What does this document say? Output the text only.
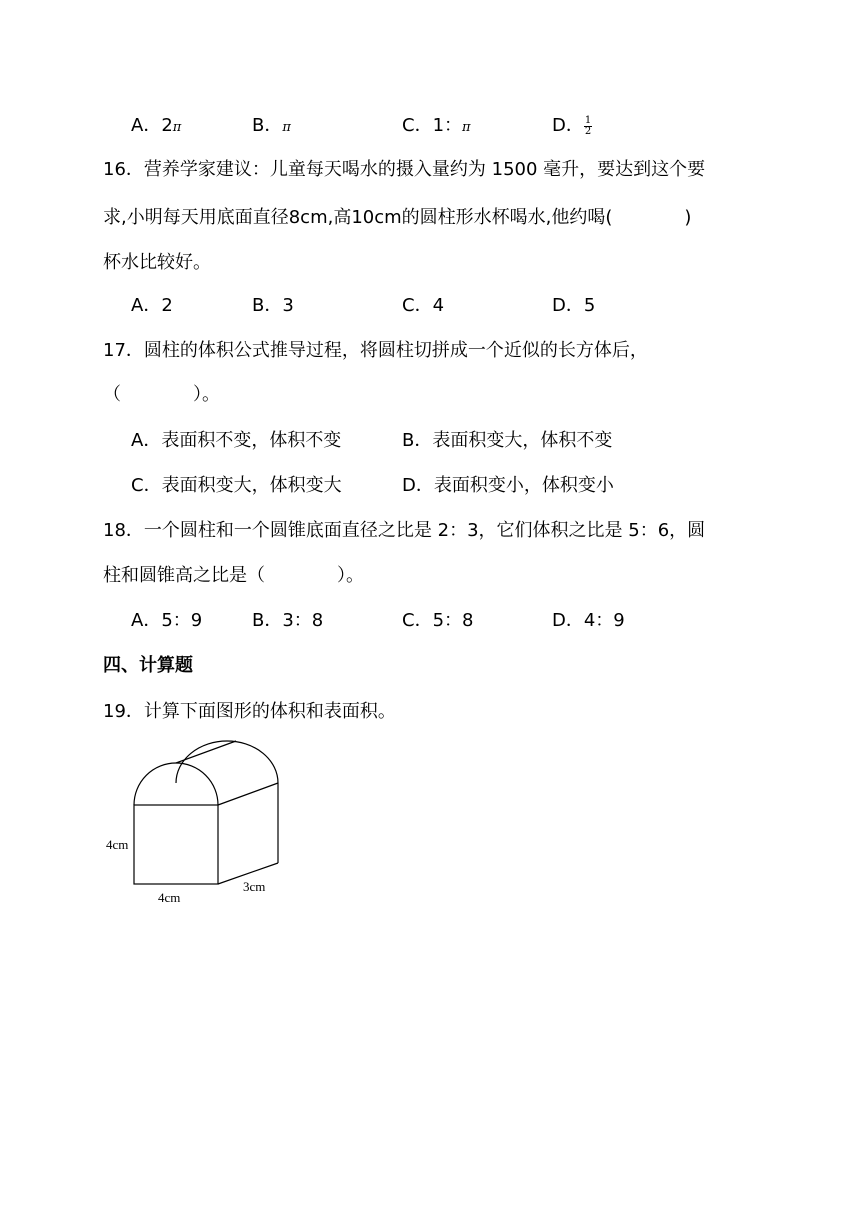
A．2π	B．π	C．1：π	D． $\frac{1}{2}$
16．营养学家建议：儿童每天喝水的摄入量约为 1500 毫升，要达到这个要
求,小明每天用底面直径8cm,高10cm的圆柱形水杯喝水,他约喝(　　　　)
杯水比较好。
A．2	B．3	C．4	D．5
17．圆柱的体积公式推导过程，将圆柱切拼成一个近似的长方体后，
（　　　　）。
A．表面积不变，体积不变	B．表面积变大，体积不变
C．表面积变大，体积变大	D．表面积变小，体积变小
18．一个圆柱和一个圆锥底面直径之比是 2：3，它们体积之比是 5：6，圆
柱和圆锥高之比是（　　　　）。
A．5：9	B．3：8	C．5：8	D．4：9
四、计算题
19．计算下面图形的体积和表面积。
4cm
4cm
3cm
